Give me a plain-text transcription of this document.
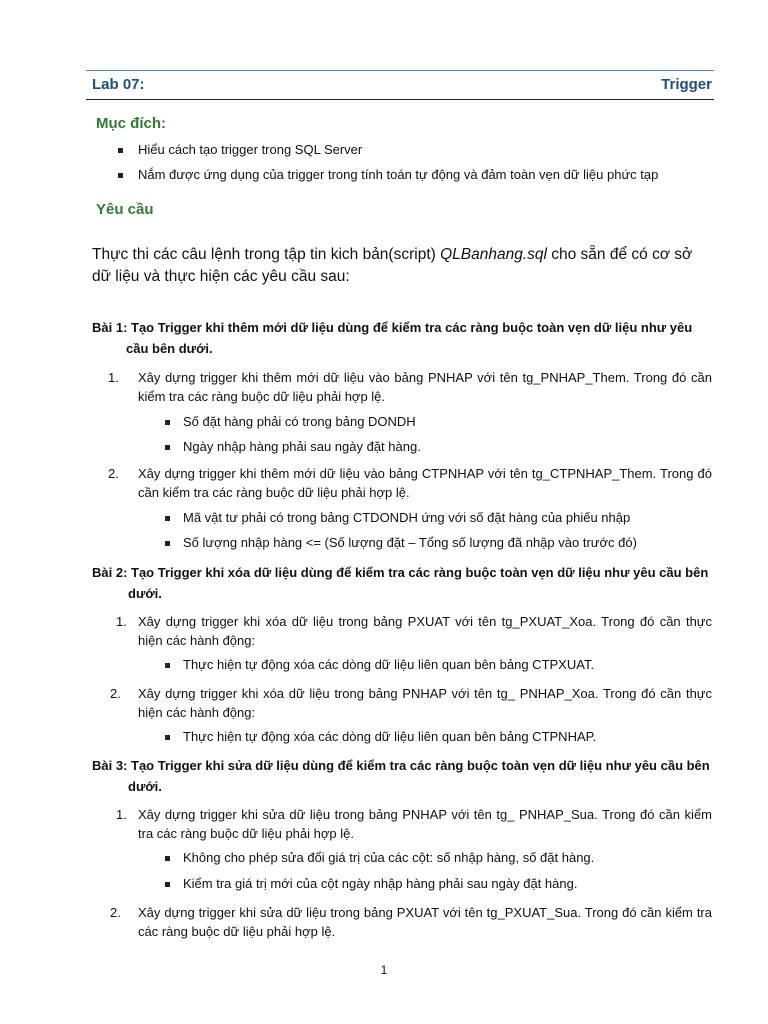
Lab 07:	Trigger
Mục đích:
Hiểu cách tạo trigger trong SQL Server
Nắm được ứng dụng của trigger trong tính toán tự động và đảm toàn vẹn dữ liệu phức tạp
Yêu cầu
Thực thi các câu lệnh trong tập tin kich bản(script) QLBanhang.sql cho sẵn để có cơ sở dữ liệu và thực hiện các yêu cầu sau:
Bài 1: Tạo Trigger khi thêm mới dữ liệu dùng để kiểm tra các ràng buộc toàn vẹn dữ liệu như yêu cầu bên dưới.
1. Xây dựng trigger khi thêm mới dữ liệu vào bảng PNHAP với tên tg_PNHAP_Them. Trong đó cần kiểm tra các ràng buộc dữ liệu phải hợp lệ.
Số đặt hàng phải có trong bảng DONDH
Ngày nhập hàng phải sau ngày đặt hàng.
2. Xây dựng trigger khi thêm mới dữ liệu vào bảng CTPNHAP với tên tg_CTPNHAP_Them. Trong đó cần kiểm tra các ràng buộc dữ liệu phải hợp lệ.
Mã vật tư phải có trong bảng CTDONDH ứng với số đặt hàng của phiếu nhập
Số lượng nhập hàng <= (Số lượng đặt – Tổng số lượng đã nhập vào trước đó)
Bài 2: Tạo Trigger khi xóa dữ liệu dùng để kiểm tra các ràng buộc toàn vẹn dữ liệu như yêu cầu bên dưới.
1. Xây dựng trigger khi xóa dữ liệu trong bảng PXUAT với tên tg_PXUAT_Xoa. Trong đó cần thực hiện các hành động:
Thực hiện tự động xóa các dòng dữ liệu liên quan bên bảng CTPXUAT.
2. Xây dựng trigger khi xóa dữ liệu trong bảng PNHAP với tên tg_ PNHAP_Xoa. Trong đó cần thực hiện các hành động:
Thực hiện tự động xóa các dòng dữ liệu liên quan bên bảng CTPNHAP.
Bài 3: Tạo Trigger khi sửa dữ liệu dùng để kiểm tra các ràng buộc toàn vẹn dữ liệu như yêu cầu bên dưới.
1. Xây dựng trigger khi sửa dữ liệu trong bảng PNHAP với tên tg_ PNHAP_Sua. Trong đó cần kiểm tra các ràng buộc dữ liệu phải hợp lệ.
Không cho phép sửa đổi giá trị của các cột: số nhập hàng, số đặt hàng.
Kiểm tra giá trị mới của cột ngày nhập hàng phải sau ngày đặt hàng.
2. Xây dựng trigger khi sửa dữ liệu trong bảng PXUAT với tên tg_PXUAT_Sua. Trong đó cần kiểm tra các ràng buộc dữ liệu phải hợp lệ.
1
